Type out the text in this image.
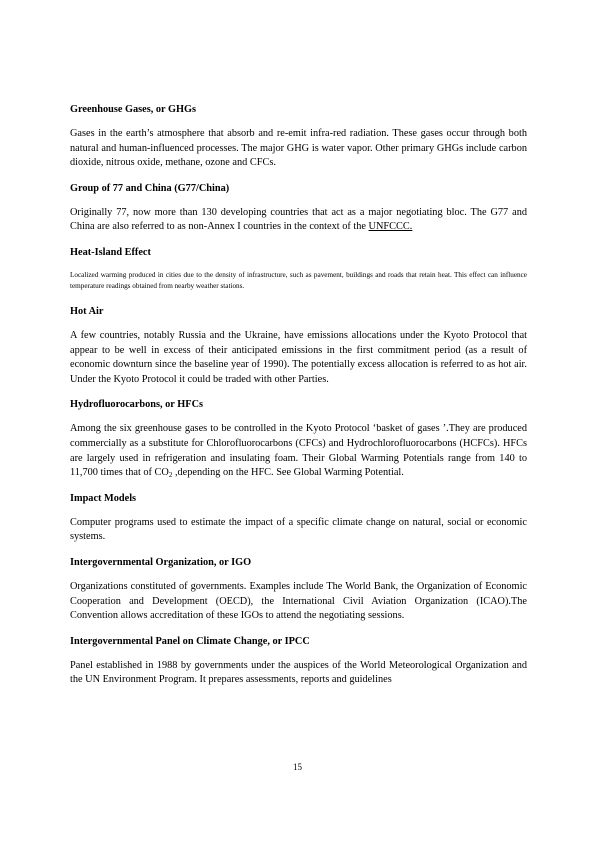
Greenhouse Gases, or GHGs

Gases in the earth’s atmosphere that absorb and re-emit infra-red radiation. These gases occur through both natural and human-influenced processes. The major GHG is water vapor. Other primary GHGs include carbon dioxide, nitrous oxide, methane, ozone and CFCs.

Group of 77 and China (G77/China)

Originally 77, now more than 130 developing countries that act as a major negotiating bloc. The G77 and China are also referred to as non-Annex I countries in the context of the UNFCCC.

Heat-Island Effect

Localized warming produced in cities due to the density of infrastructure, such as pavement, buildings and roads that retain heat. This effect can influence temperature readings obtained from nearby weather stations.

Hot Air

A few countries, notably Russia and the Ukraine, have emissions allocations under the Kyoto Protocol that appear to be well in excess of their anticipated emissions in the first commitment period (as a result of economic downturn since the baseline year of 1990). The potentially excess allocation is referred to as hot air. Under the Kyoto Protocol it could be traded with other Parties.

Hydrofluorocarbons, or HFCs

Among the six greenhouse gases to be controlled in the Kyoto Protocol ‘basket of gases ’.They are produced commercially as a substitute for Chlorofluorocarbons (CFCs) and Hydrochlorofluorocarbons (HCFCs). HFCs are largely used in refrigeration and insulating foam. Their Global Warming Potentials range from 140 to 11,700 times that of $CO_2$ ,depending on the HFC. See Global Warming Potential.

Impact Models

Computer programs used to estimate the impact of a specific climate change on natural, social or economic systems.

Intergovernmental Organization, or IGO

Organizations constituted of governments. Examples include The World Bank, the Organization of Economic Cooperation and Development (OECD), the International Civil Aviation Organization (ICAO).The Convention allows accreditation of these IGOs to attend the negotiating sessions.

Intergovernmental Panel on Climate Change, or IPCC

Panel established in 1988 by governments under the auspices of the World Meteorological Organization and the UN Environment Program. It prepares assessments, reports and guidelines

15
